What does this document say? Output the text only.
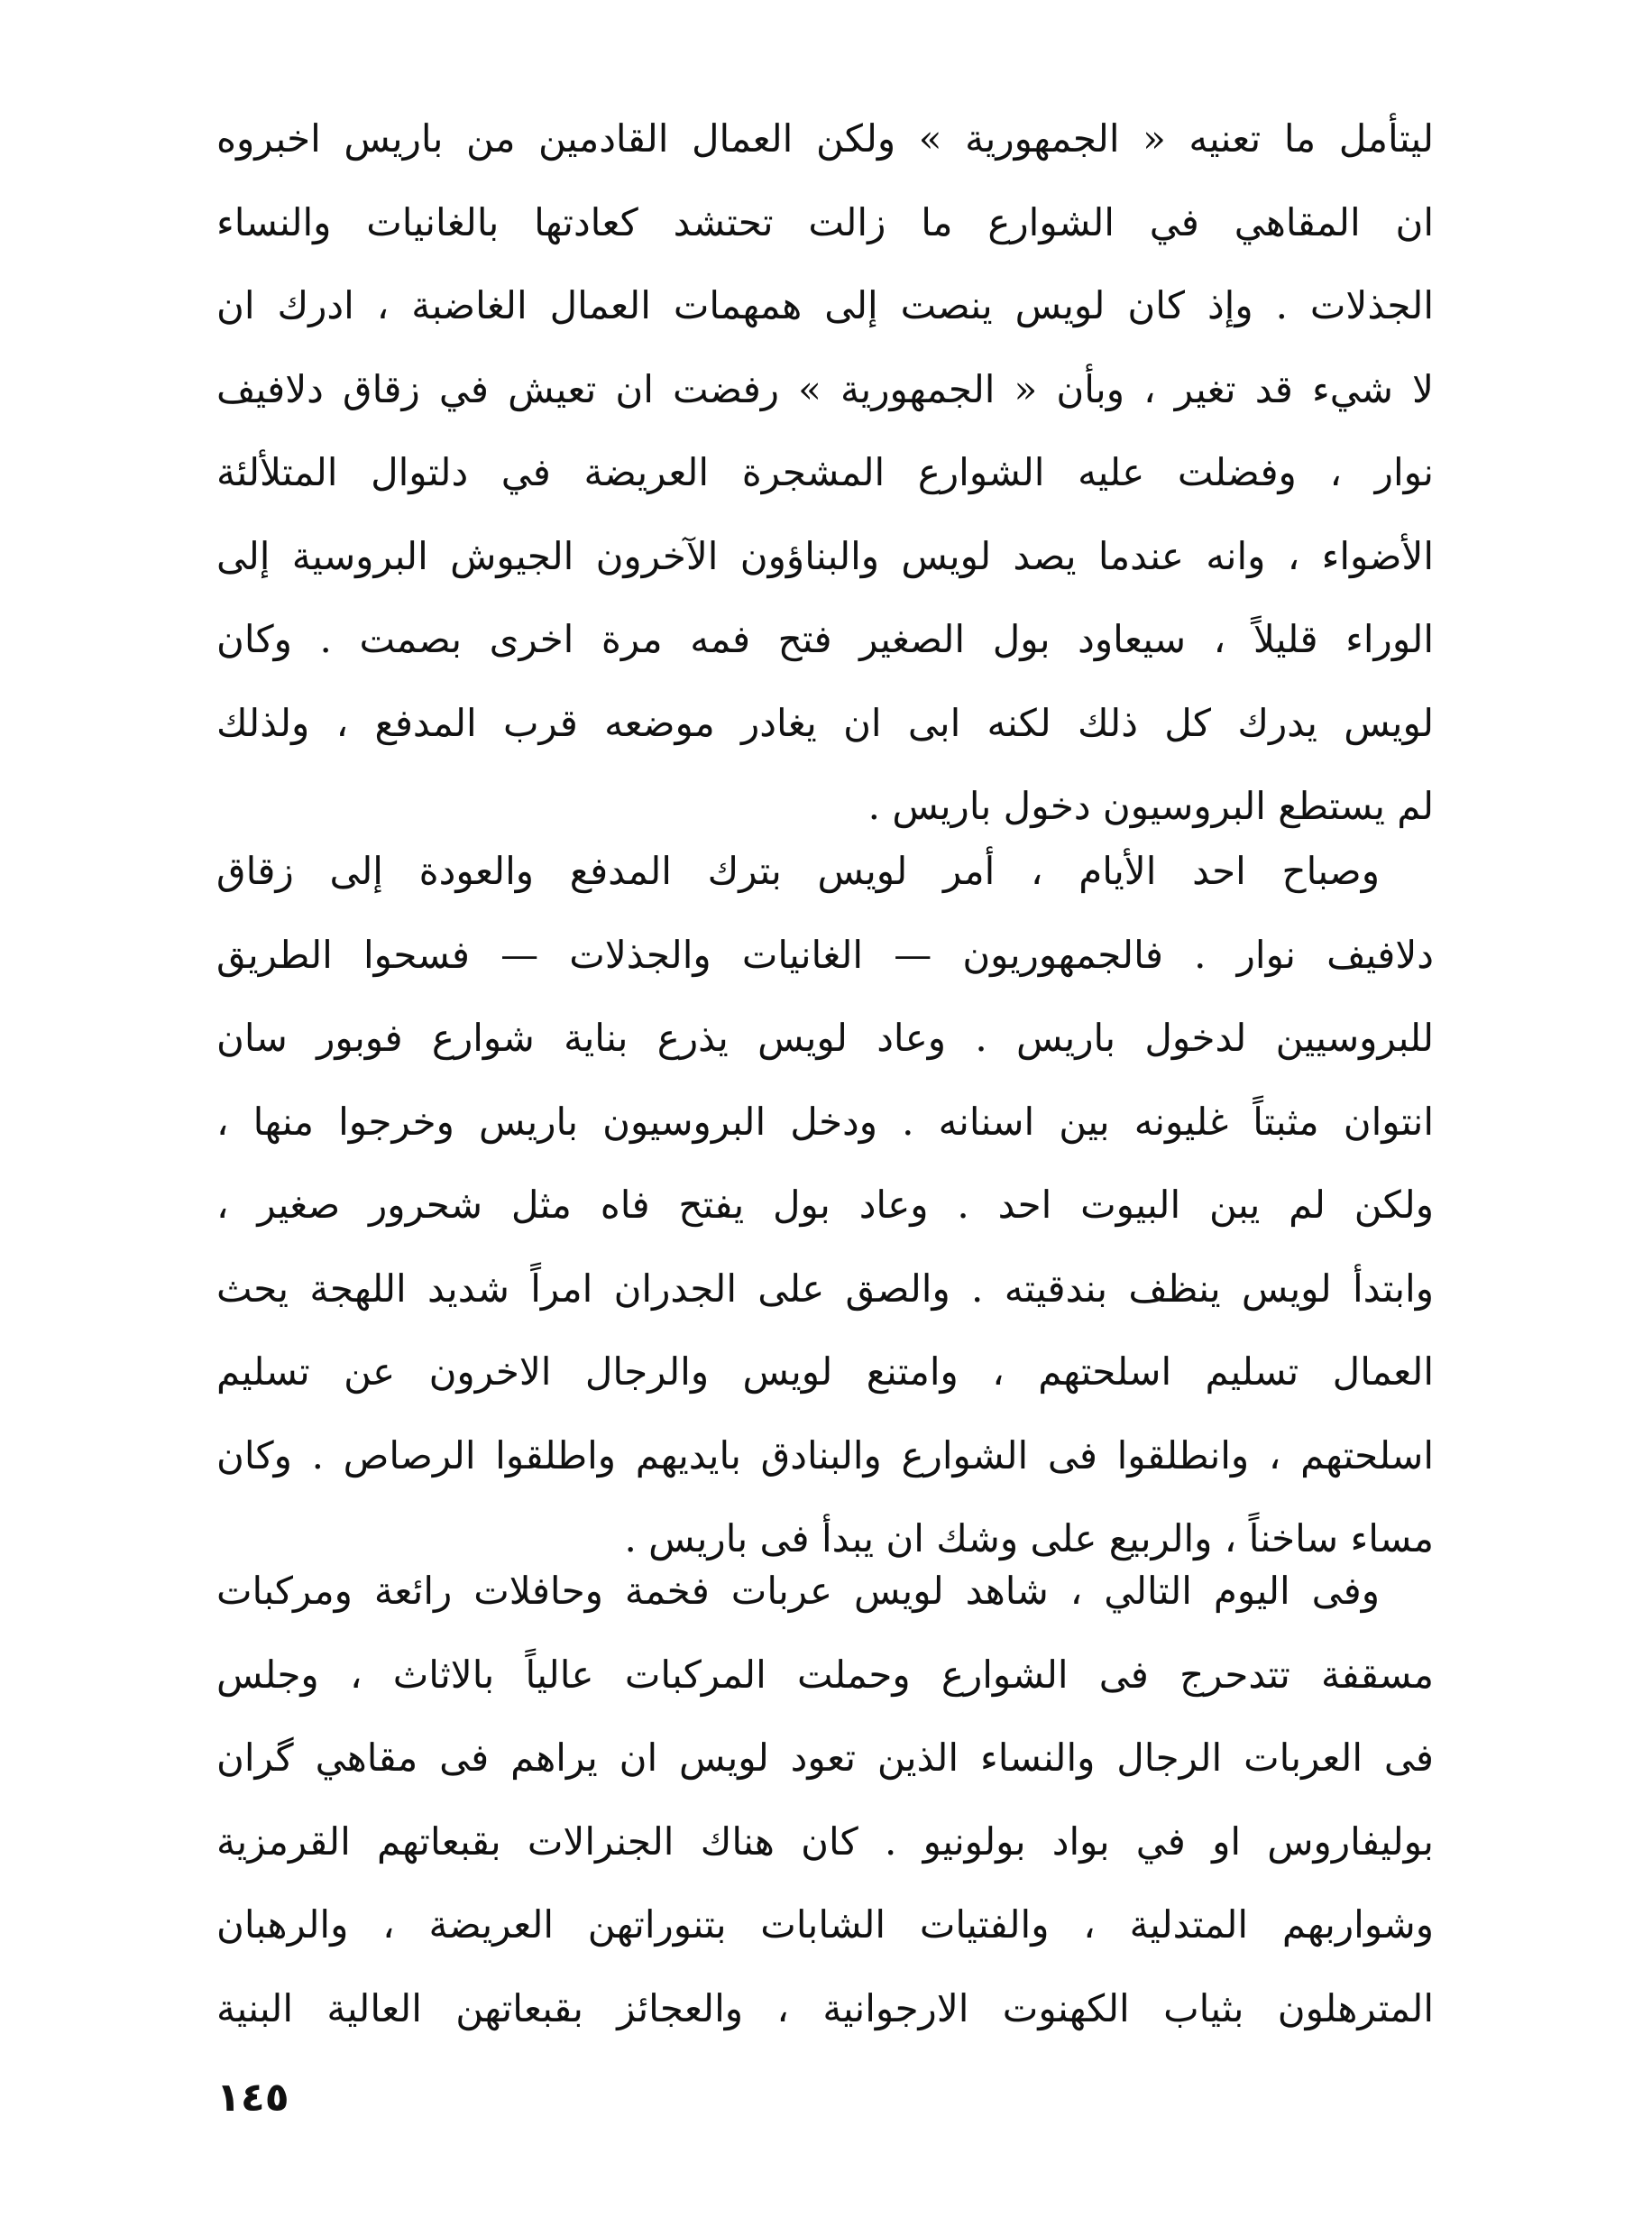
ليتأمل ما تعنيه « الجمهورية » ولكن العمال القادمين من باريس اخبروه
ان المقاهي في الشوارع ما زالت تحتشد كعادتها بالغانيات والنساء
الجذلات . وإذ كان لويس ينصت إلى همهمات العمال الغاضبة ، ادرك ان
لا شيء قد تغير ، وبأن « الجمهورية » رفضت ان تعيش في زقاق دلافيف
نوار ، وفضلت عليه الشوارع المشجرة العريضة في دلتوال المتلألئة
الأضواء ، وانه عندما يصد لويس والبناؤون الآخرون الجيوش البروسية إلى
الوراء قليلاً ، سيعاود بول الصغير فتح فمه مرة اخرى بصمت . وكان
لويس يدرك كل ذلك لكنه ابى ان يغادر موضعه قرب المدفع ، ولذلك
لم يستطع البروسيون دخول باريس .
وصباح احد الأيام ، أمر لويس بترك المدفع والعودة إلى زقاق
دلافيف نوار . فالجمهوريون — الغانيات والجذلات — فسحوا الطريق
للبروسيين لدخول باريس . وعاد لويس يذرع بناية شوارع فوبور سان
انتوان مثبتاً غليونه بين اسنانه . ودخل البروسيون باريس وخرجوا منها ،
ولكن لم يبن البيوت احد . وعاد بول يفتح فاه مثل شحرور صغير ،
وابتدأ لويس ينظف بندقيته . والصق على الجدران امراً شديد اللهجة يحث
العمال تسليم اسلحتهم ، وامتنع لويس والرجال الاخرون عن تسليم
اسلحتهم ، وانطلقوا فى الشوارع والبنادق بايديهم واطلقوا الرصاص . وكان
مساء ساخناً ، والربيع على وشك ان يبدأ فى باريس .
وفى اليوم التالي ، شاهد لويس عربات فخمة وحافلات رائعة ومركبات
مسقفة تتدحرج فى الشوارع وحملت المركبات عالياً بالاثاث ، وجلس
فى العربات الرجال والنساء الذين تعود لويس ان يراهم فى مقاهي گران
بوليفاروس او في بواد بولونيو . كان هناك الجنرالات بقبعاتهم القرمزية
وشواربهم المتدلية ، والفتيات الشابات بتنوراتهن العريضة ، والرهبان
المترهلون بثياب الكهنوت الارجوانية ، والعجائز بقبعاتهن العالية البنية
١٤٥
